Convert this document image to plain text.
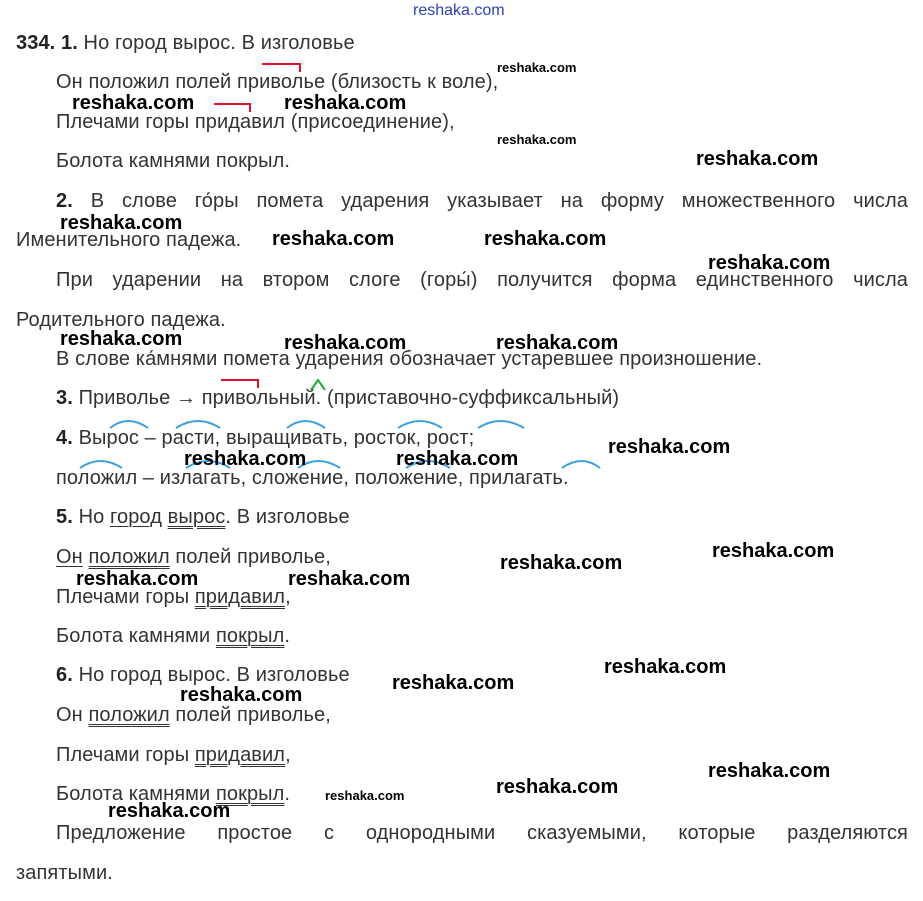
reshaka.com
334. 1. Но город вырос. В изголовье
Он положил полей приволье (близость к воле),
Плечами горы придавил (присоединение),
Болота камнями покрыл.
2. В слове го́ры помета ударения указывает на форму множественного числа
Именительного падежа.
При ударении на втором слоге (горы́) получится форма единственного числа
Родительного падежа.
В слове ка́мнями помета ударения обозначает устаревшее произношение.
3. Приволье → привольный. (приставочно-суффиксальный)
4. Вырос – расти, выращивать, росток, рост;
положил – излагать, сложение, положение, прилагать.
5. Но город вырос. В изголовье
Он положил полей приволье,
Плечами горы придавил,
Болота камнями покрыл.
6. Но город вырос. В изголовье
Он положил полей приволье,
Плечами горы придавил,
Болота камнями покрыл.
Предложение простое с однородными сказуемыми, которые разделяются
запятыми.
reshaka.com
reshaka.com	reshaka.com
reshaka.com
reshaka.com
reshaka.com
reshaka.com	reshaka.com
reshaka.com
reshaka.com	reshaka.com	reshaka.com
reshaka.com
reshaka.com	reshaka.com
reshaka.com
reshaka.com
reshaka.com	reshaka.com
reshaka.com
reshaka.com
reshaka.com
reshaka.com
reshaka.com
reshaka.com
reshaka.com
